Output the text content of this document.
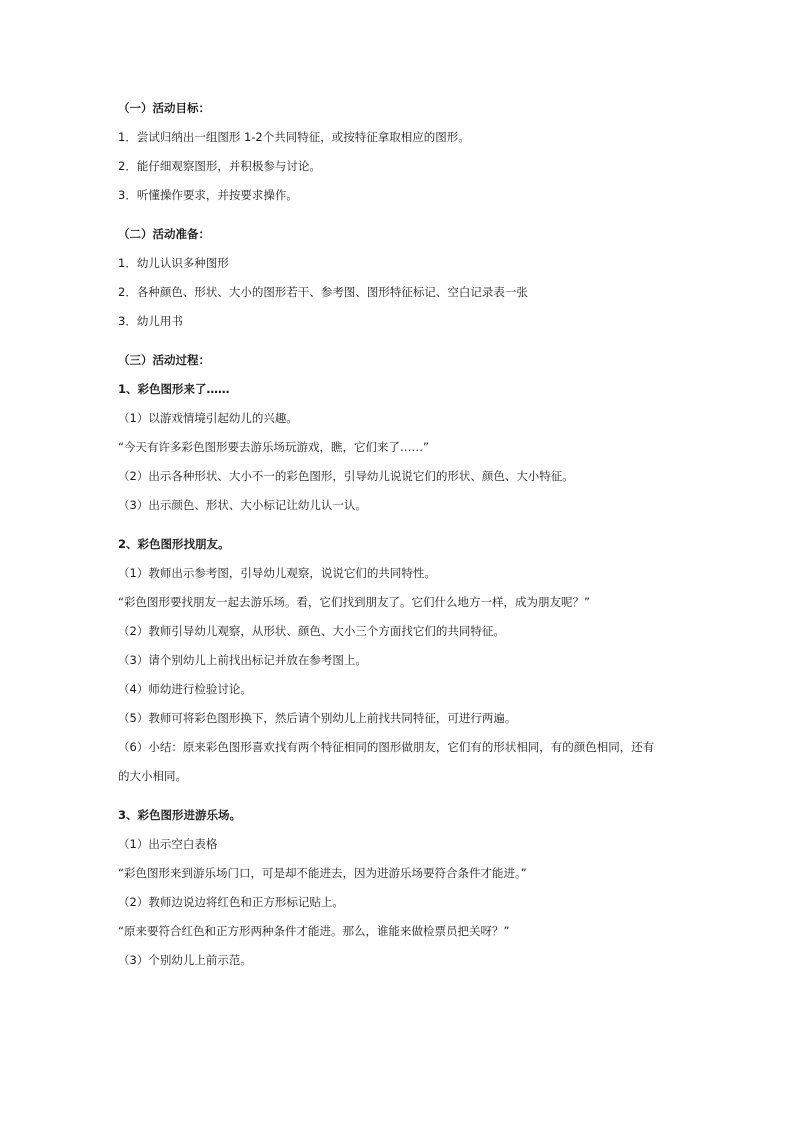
（一）活动目标：

1．尝试归纳出一组图形 1-2个共同特征，或按特征拿取相应的图形。

2．能仔细观察图形，并积极参与讨论。

3．听懂操作要求，并按要求操作。

（二）活动准备：

1．幼儿认识多种图形

2．各种颜色、形状、大小的图形若干、参考图、图形特征标记、空白记录表一张

3．幼儿用书

（三）活动过程：

1、彩色图形来了……

（1）以游戏情境引起幼儿的兴趣。

“今天有许多彩色图形要去游乐场玩游戏，瞧，它们来了……”

（2）出示各种形状、大小不一的彩色图形，引导幼儿说说它们的形状、颜色、大小特征。

（3）出示颜色、形状、大小标记让幼儿认一认。

2、彩色图形找朋友。

（1）教师出示参考图，引导幼儿观察，说说它们的共同特性。

“彩色图形要找朋友一起去游乐场。看，它们找到朋友了。它们什么地方一样，成为朋友呢？”

（2）教师引导幼儿观察，从形状、颜色、大小三个方面找它们的共同特征。

（3）请个别幼儿上前找出标记并放在参考图上。

（4）师幼进行检验讨论。

（5）教师可将彩色图形换下，然后请个别幼儿上前找共同特征，可进行两遍。

（6）小结：原来彩色图形喜欢找有两个特征相同的图形做朋友，它们有的形状相同，有的颜色相同，还有

的大小相同。

3、彩色图形进游乐场。

（1）出示空白表格

“彩色图形来到游乐场门口，可是却不能进去，因为进游乐场要符合条件才能进。”

（2）教师边说边将红色和正方形标记贴上。

“原来要符合红色和正方形两种条件才能进。那么，谁能来做检票员把关呀？”

（3）个别幼儿上前示范。
